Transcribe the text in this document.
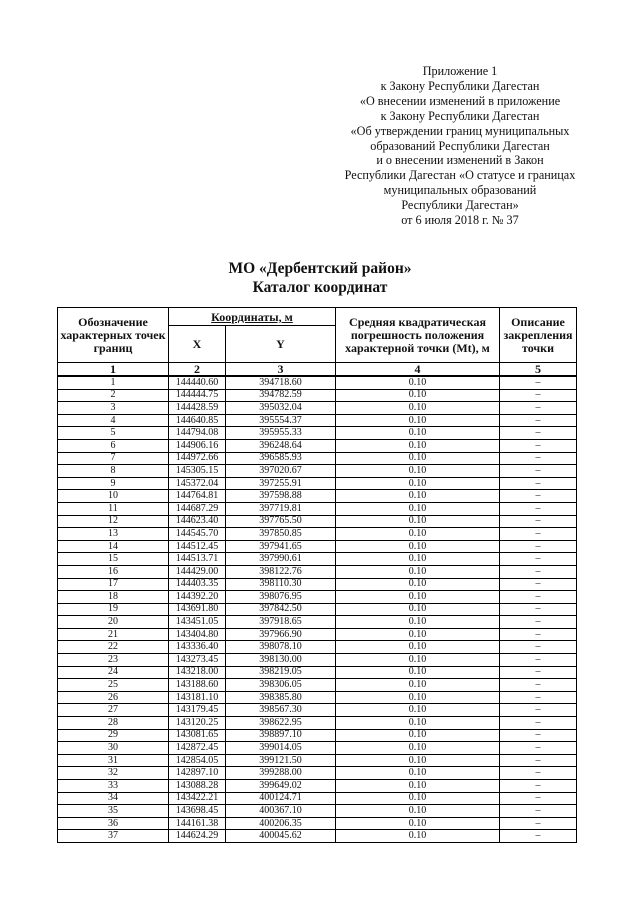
Приложение 1
к Закону Республики Дагестан
«О внесении изменений в приложение
к Закону Республики Дагестан
«Об утверждении границ муниципальных
образований Республики Дагестан
и о внесении изменений в Закон
Республики Дагестан «О статусе и границах
муниципальных образований
Республики Дагестан»
от 6 июля 2018 г. № 37
МО «Дербентский район»
Каталог координат
Обозначение характерных точек границ	Координаты, м		Средняя квадратическая погрешность положения характерной точки (Мt), м	Описание закрепления точки
	X	Y		
1	2	3	4	5
1	144440.60	394718.60	0.10	–
2	144444.75	394782.59	0.10	–
3	144428.59	395032.04	0.10	–
4	144640.85	395554.37	0.10	–
5	144794.08	395955.33	0.10	–
6	144906.16	396248.64	0.10	–
7	144972.66	396585.93	0.10	–
8	145305.15	397020.67	0.10	–
9	145372.04	397255.91	0.10	–
10	144764.81	397598.88	0.10	–
11	144687.29	397719.81	0.10	–
12	144623.40	397765.50	0.10	–
13	144545.70	397850.85	0.10	–
14	144512.45	397941.65	0.10	–
15	144513.71	397990.61	0.10	–
16	144429.00	398122.76	0.10	–
17	144403.35	398110.30	0.10	–
18	144392.20	398076.95	0.10	–
19	143691.80	397842.50	0.10	–
20	143451.05	397918.65	0.10	–
21	143404.80	397966.90	0.10	–
22	143336.40	398078.10	0.10	–
23	143273.45	398130.00	0.10	–
24	143218.00	398219.05	0.10	–
25	143188.60	398306.05	0.10	–
26	143181.10	398385.80	0.10	–
27	143179.45	398567.30	0.10	–
28	143120.25	398622.95	0.10	–
29	143081.65	398897.10	0.10	–
30	142872.45	399014.05	0.10	–
31	142854.05	399121.50	0.10	–
32	142897.10	399288.00	0.10	–
33	143088.28	399649.02	0.10	–
34	143422.21	400124.71	0.10	–
35	143698.45	400367.10	0.10	–
36	144161.38	400206.35	0.10	–
37	144624.29	400045.62	0.10	–
